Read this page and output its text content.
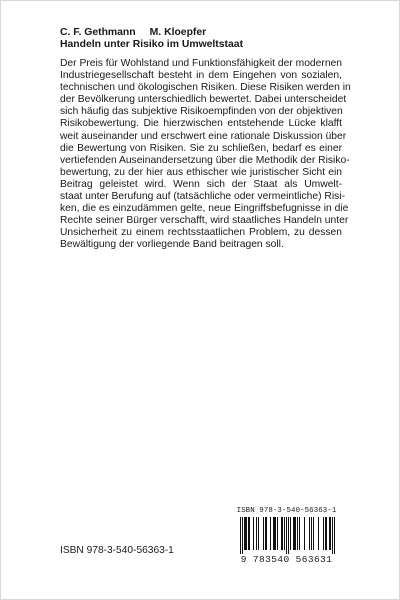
C. F. Gethmann M. Kloepfer
Handeln unter Risiko im Umweltstaat
Der Preis für Wohlstand und Funktionsfähigkeit der modernen
Industriegesellschaft besteht in dem Eingehen von sozialen,
technischen und ökologischen Risiken. Diese Risiken werden in
der Bevölkerung unterschiedlich bewertet. Dabei unterscheidet
sich häufig das subjektive Risikoempfinden von der objektiven
Risikobewertung. Die hierzwischen entstehende Lücke klafft
weit auseinander und erschwert eine rationale Diskussion über
die Bewertung von Risiken. Sie zu schließen, bedarf es einer
vertiefenden Auseinandersetzung über die Methodik der Risiko-
bewertung, zu der hier aus ethischer wie juristischer Sicht ein
Beitrag geleistet wird. Wenn sich der Staat als Umwelt-
staat unter Berufung auf (tatsächliche oder vermeintliche) Risi-
ken, die es einzudämmen gelte, neue Eingriffsbefugnisse in die
Rechte seiner Bürger verschafft, wird staatliches Handeln unter
Unsicherheit zu einem rechtsstaatlichen Problem, zu dessen
Bewältigung der vorliegende Band beitragen soll.
ISBN 978-3-540-56363-1
ISBN 978-3-540-56363-1
9 783540 563631
